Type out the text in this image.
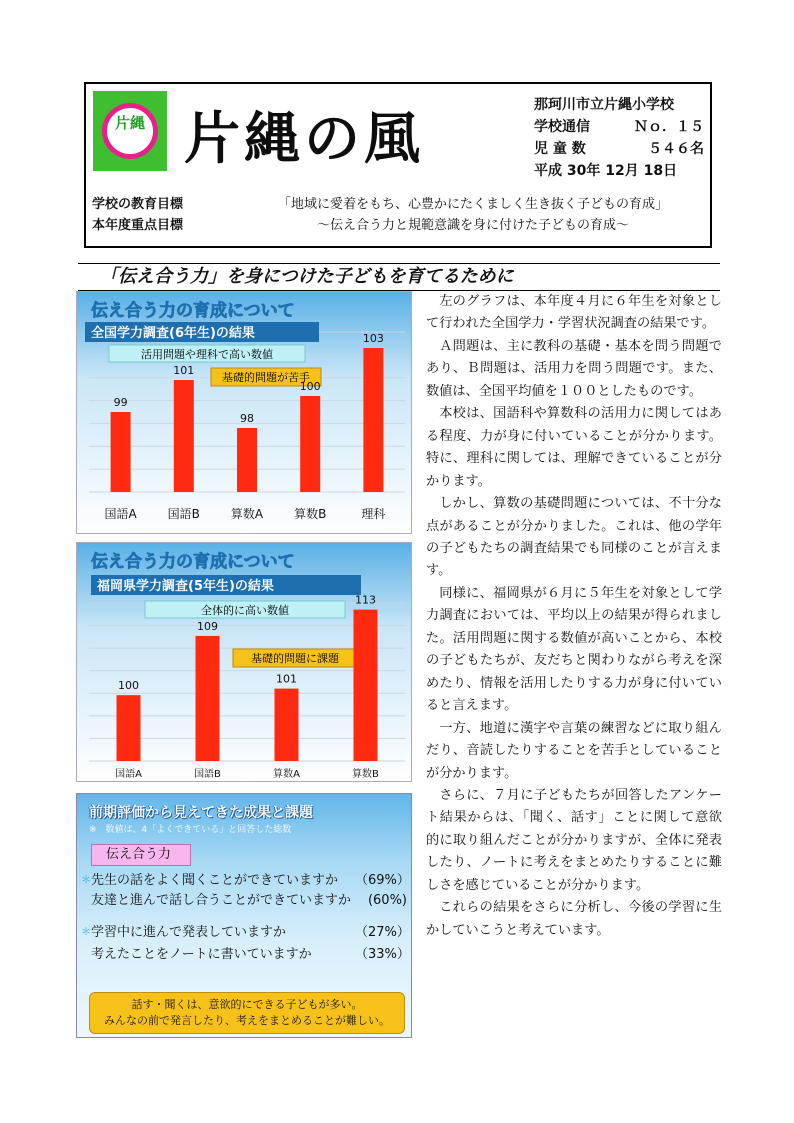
片縄 片縄の風
那珂川市立片縄小学校
学校通信	Ｎｏ．１５
児 童 数	５４６名
平成 30年 12月 18日
学校の教育目標	「地域に愛着をもち、心豊かにたくましく生き抜く子どもの育成」
本年度重点目標	～伝え合う力と規範意識を身に付けた子どもの育成～
「伝え合う力」を身につけた子どもを育てるために
伝え合う力の育成について
全国学力調査(6年生)の結果
活用問題や理科で高い数値
基礎的問題が苦手
99
国語A
101
国語B
98
算数A
100
算数B
103
理科
伝え合う力の育成について
福岡県学力調査(5年生)の結果
全体的に高い数値
基礎的問題に課題
100
国語A
109
国語B
101
算数A
113
算数B
前期評価から見えてきた成果と課題
※　数値は、4「よくできている」と回答した総数
伝え合う力
＊ 先生の話をよく聞くことができていますか	（69%）
友達と進んで話し合うことができていますか	(60%)
＊ 学習中に進んで発表していますか	（27%）
考えたことをノートに書いていますか	（33%）
話す・聞くは、意欲的にできる子どもが多い。
みんなの前で発言したり、考えをまとめることが難しい。

左のグラフは、本年度４月に６年生を対象として行われた全国学力・学習状況調査の結果です。

Ａ問題は、主に教科の基礎・基本を問う問題であり、Ｂ問題は、活用力を問う問題です。また、数値は、全国平均値を１００としたものです。

本校は、国語科や算数科の活用力に関してはある程度、力が身に付いていることが分かります。特に、理科に関しては、理解できていることが分かります。

しかし、算数の基礎問題については、不十分な点があることが分かりました。これは、他の学年の子どもたちの調査結果でも同様のことが言えます。

同様に、福岡県が６月に５年生を対象として学力調査においては、平均以上の結果が得られました。活用問題に関する数値が高いことから、本校の子どもたちが、友だちと関わりながら考えを深めたり、情報を活用したりする力が身に付いていると言えます。

一方、地道に漢字や言葉の練習などに取り組んだり、音読したりすることを苦手としていることが分かります。

さらに、７月に子どもたちが回答したアンケート結果からは、「聞く、話す」ことに関して意欲的に取り組んだことが分かりますが、全体に発表したり、ノートに考えをまとめたりすることに難しさを感じていることが分かります。

これらの結果をさらに分析し、今後の学習に生かしていこうと考えています。
